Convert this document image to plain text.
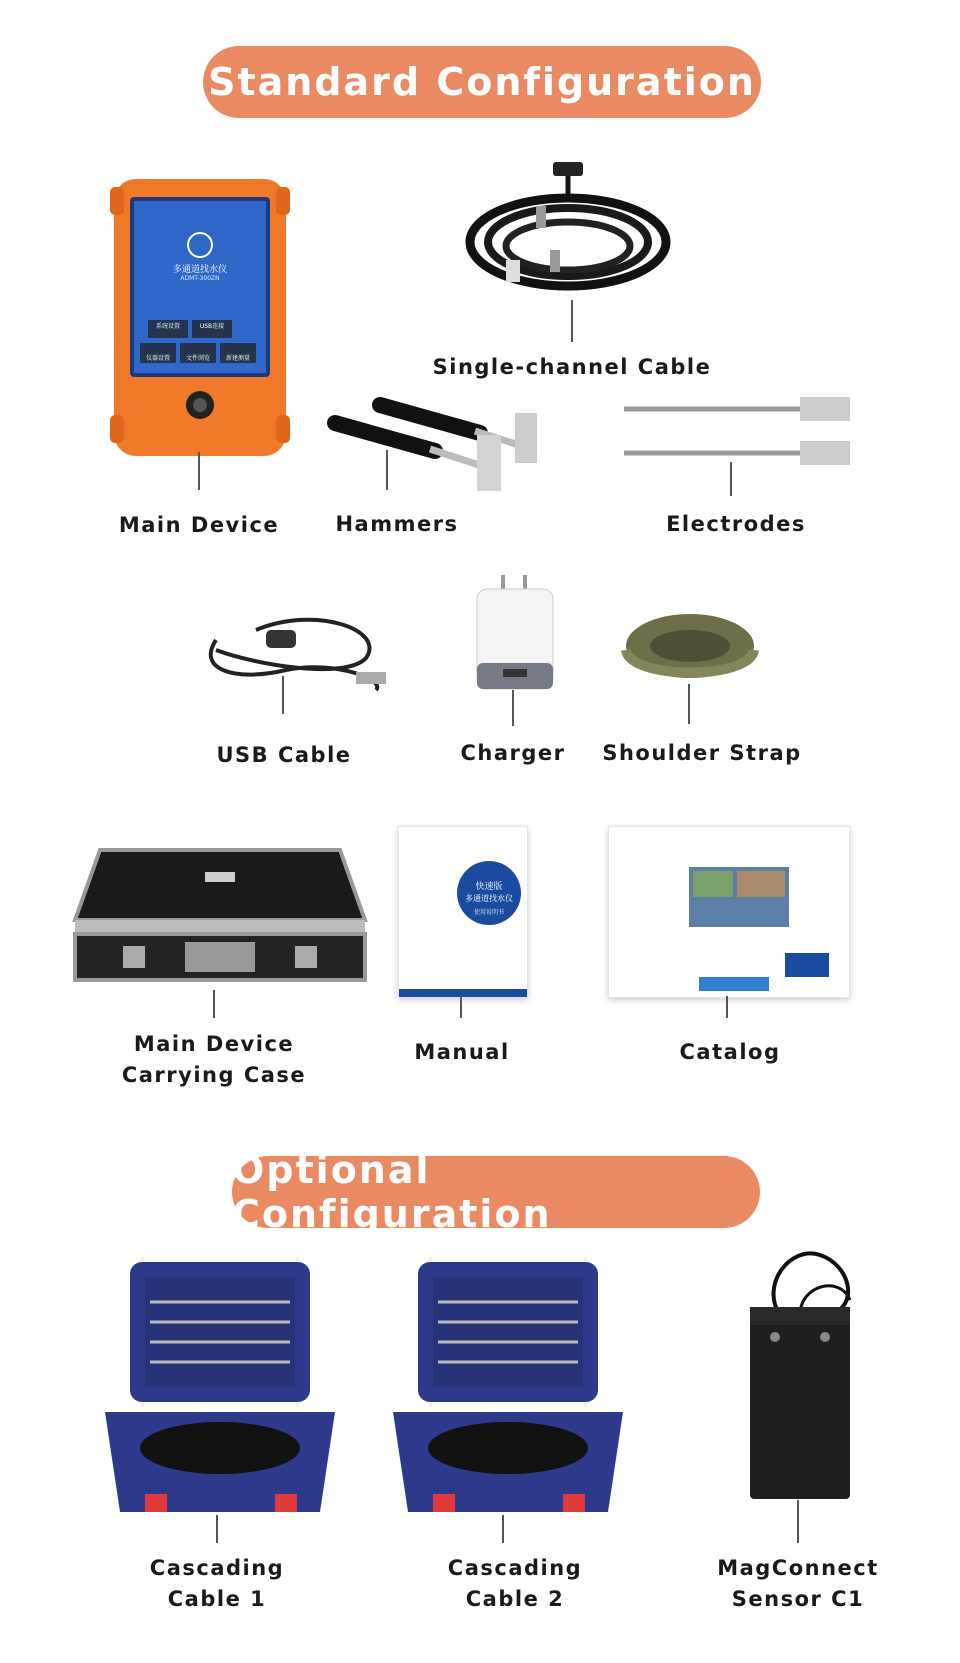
Standard Configuration
多通道找水仪
ADMT-300ZN
系统设置	USB连接
仪器设置	文件浏览	新建测量
Main Device
Single-channel Cable
Hammers	Electrodes
USB Cable	Charger Shoulder Strap
Main Device
Carrying Case
快速版
多通道找水仪
使用说明书
Manual	Catalog
Optional Configuration
Cascading
Cable 1
Cascading
Cable 2
MagConnect
Sensor C1
